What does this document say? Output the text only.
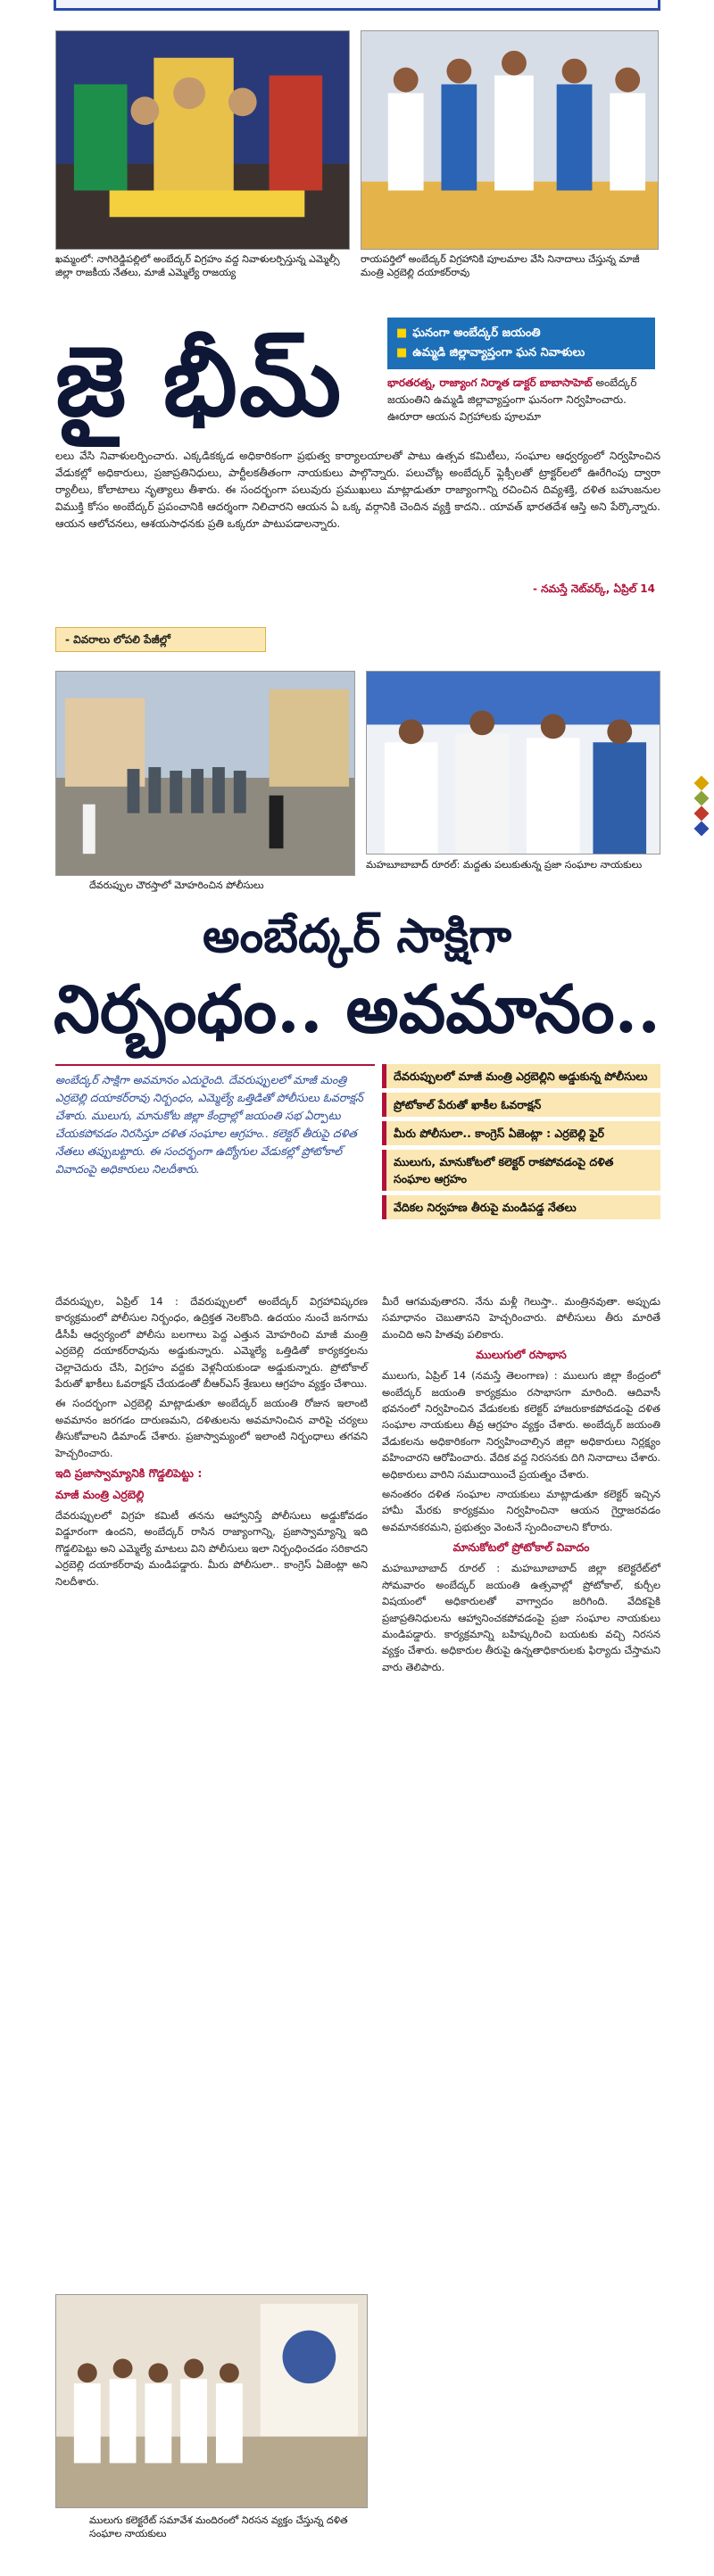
ఖమ్మంలో: నాగిరెడ్డిపల్లిలో అంబేద్కర్ విగ్రహం వద్ద నివాళులర్పిస్తున్న ఎమ్మెల్సీ జిల్లా రాజకీయ నేతలు, మాజీ ఎమ్మెల్యే రాజయ్య
రాయపర్తిలో అంబేద్కర్ విగ్రహానికి పూలమాల వేసి నినాదాలు చేస్తున్న మాజీ మంత్రి ఎర్రబెల్లి దయాకర్‌రావు
జై భీమ్	■ ఘనంగా అంబేద్కర్ జయంతి
■ ఉమ్మడి జిల్లావ్యాప్తంగా ఘన నివాళులు
భారతరత్న, రాజ్యాంగ నిర్మాత డాక్టర్ బాబాసాహెబ్ అంబేద్కర్ జయంతిని ఉమ్మడి జిల్లావ్యాప్తంగా ఘనంగా నిర్వహించారు. ఊరూరా ఆయన విగ్రహాలకు పూలమా
లలు వేసి నివాళులర్పించారు. ఎక్కడికక్కడ అధికారికంగా ప్రభుత్వ కార్యాలయాలతో పాటు ఉత్సవ కమిటీలు, సంఘాల ఆధ్వర్యంలో నిర్వహించిన వేడుకల్లో అధికారులు, ప్రజాప్రతినిధులు, పార్టీలకతీతంగా నాయకులు పాల్గొన్నారు. పలుచోట్ల అంబేద్కర్ ఫ్లెక్సీలతో ట్రాక్టర్‌లలో ఊరేగింపు ద్వారా ర్యాలీలు, కోలాటాలు నృత్యాలు తీశారు. ఈ సందర్భంగా పలువురు ప్రముఖులు మాట్లాడుతూ రాజ్యాంగాన్ని రచించిన దివ్యశక్తి, దళిత బహుజనుల విముక్తి కోసం అంబేద్కర్ ప్రపంచానికి ఆదర్శంగా నిలిచారని ఆయన ఏ ఒక్క వర్గానికి చెందిన వ్యక్తి కాదని.. యావత్ భారతదేశ ఆస్తి అని పేర్కొన్నారు. ఆయన ఆలోచనలు, ఆశయసాధనకు ప్రతి ఒక్కరూ పాటుపడాలన్నారు.
- నమస్తే నెట్‌వర్క్, ఏప్రిల్ 14
- వివరాలు లోపలి పేజీల్లో
దేవరుప్పుల చౌరస్తాలో మోహరించిన పోలీసులు
మహబూబాబాద్ రూరల్: మద్దతు పలుకుతున్న ప్రజా సంఘాల నాయకులు
అంబేద్కర్ సాక్షిగా
నిర్బంధం.. అవమానం..

అంబేద్కర్ సాక్షిగా అవమానం ఎదురైంది. దేవరుప్పులలో మాజీ మంత్రి ఎర్రబెల్లి దయాకర్‌రావు నిర్బంధం, ఎమ్మెల్యే ఒత్తిడితో పోలీసులు ఓవరాక్షన్ చేశారు. ములుగు, మానుకోట జిల్లా కేంద్రాల్లో జయంతి సభ ఏర్పాటు చేయకపోవడం నిరసిస్తూ దళిత సంఘాల ఆగ్రహం.. కలెక్టర్ తీరుపై దళిత నేతలు తప్పుబట్టారు. ఈ సందర్భంగా ఉద్యోగుల వేడుకల్లో ప్రోటోకాల్ వివాదంపై అధికారులు నిలదీశారు.

దేవరుప్పులలో మాజీ మంత్రి ఎర్రబెల్లిని అడ్డుకున్న పోలీసులు
ప్రోటోకాల్ పేరుతో ఖాకీల ఓవరాక్షన్
మీరు పోలీసులా.. కాంగ్రెస్ ఏజెంట్లా : ఎర్రబెల్లి ఫైర్
ములుగు, మానుకోటలో కలెక్టర్ రాకపోవడంపై దళిత సంఘాల ఆగ్రహం
వేదికల నిర్వహణ తీరుపై మండిపడ్డ నేతలు

దేవరుప్పుల, ఏప్రిల్ 14 : దేవరుప్పులలో అంబేద్కర్ విగ్రహావిష్కరణ కార్యక్రమంలో పోలీసుల నిర్బంధం, ఉద్రిక్తత నెలకొంది. ఉదయం నుంచే జనగామ డీసీపీ ఆధ్వర్యంలో పోలీసు బలగాలు పెద్ద ఎత్తున మోహరించి మాజీ మంత్రి ఎర్రబెల్లి దయాకర్‌రావును అడ్డుకున్నారు. ఎమ్మెల్యే ఒత్తిడితో కార్యకర్తలను చెల్లాచెదురు చేసి, విగ్రహం వద్దకు వెళ్లనీయకుండా అడ్డుకున్నారు. ప్రోటోకాల్ పేరుతో ఖాకీలు ఓవరాక్షన్ చేయడంతో బీఆర్‌ఎస్ శ్రేణులు ఆగ్రహం వ్యక్తం చేశాయి.

ఈ సందర్భంగా ఎర్రబెల్లి మాట్లాడుతూ అంబేద్కర్ జయంతి రోజున ఇలాంటి అవమానం జరగడం దారుణమని, దళితులను అవమానించిన వారిపై చర్యలు తీసుకోవాలని డిమాండ్ చేశారు. ప్రజాస్వామ్యంలో ఇలాంటి నిర్బంధాలు తగవని హెచ్చరించారు.

ఇది ప్రజాస్వామ్యానికి గొడ్డలిపెట్టు :
మాజీ మంత్రి ఎర్రబెల్లి

దేవరుప్పులలో విగ్రహ కమిటీ తనను ఆహ్వానిస్తే పోలీసులు అడ్డుకోవడం విడ్డూరంగా ఉందని, అంబేద్కర్ రాసిన రాజ్యాంగాన్ని, ప్రజాస్వామ్యాన్ని ఇది గొడ్డలిపెట్టు అని ఎమ్మెల్యే మాటలు విని పోలీసులు ఇలా నిర్బంధించడం సరికాదని ఎర్రబెల్లి దయాకర్‌రావు మండిపడ్డారు. మీరు పోలీసులా.. కాంగ్రెస్ ఏజెంట్లా అని నిలదీశారు.

ములుగు కలెక్టరేట్ సమావేశ మందిరంలో నిరసన వ్యక్తం చేస్తున్న దళిత సంఘాల నాయకులు

మీరే ఆగమవుతారని. నేను మళ్లీ గెలుస్తా.. మంత్రినవుతా. అప్పుడు సమాధానం చెబుతానని హెచ్చరించారు. పోలీసులు తీరు మారితే మంచిది అని హితవు పలికారు.

ములుగులో రసాభాస

ములుగు, ఏప్రిల్ 14 (నమస్తే తెలంగాణ) : ములుగు జిల్లా కేంద్రంలో అంబేద్కర్ జయంతి కార్యక్రమం రసాభాసగా మారింది. ఆదివాసీ భవనంలో నిర్వహించిన వేడుకలకు కలెక్టర్ హాజరుకాకపోవడంపై దళిత సంఘాల నాయకులు తీవ్ర ఆగ్రహం వ్యక్తం చేశారు. అంబేద్కర్ జయంతి వేడుకలను అధికారికంగా నిర్వహించాల్సిన జిల్లా అధికారులు నిర్లక్ష్యం వహించారని ఆరోపించారు. వేదిక వద్ద నిరసనకు దిగి నినాదాలు చేశారు. అధికారులు వారిని సముదాయించే ప్రయత్నం చేశారు.

అనంతరం దళిత సంఘాల నాయకులు మాట్లాడుతూ కలెక్టర్ ఇచ్చిన హామీ మేరకు కార్యక్రమం నిర్వహించినా ఆయన గైర్హాజరవడం అవమానకరమని, ప్రభుత్వం వెంటనే స్పందించాలని కోరారు.

మానుకోటలో ప్రోటోకాల్ వివాదం

మహబూబాబాద్ రూరల్ : మహబూబాబాద్ జిల్లా కలెక్టరేట్‌లో సోమవారం అంబేద్కర్ జయంతి ఉత్సవాల్లో ప్రోటోకాల్, కుర్చీల విషయంలో అధికారులతో వాగ్వాదం జరిగింది. వేదికపైకి ప్రజాప్రతినిధులను ఆహ్వానించకపోవడంపై ప్రజా సంఘాల నాయకులు మండిపడ్డారు. కార్యక్రమాన్ని బహిష్కరించి బయటకు వచ్చి నిరసన వ్యక్తం చేశారు. అధికారుల తీరుపై ఉన్నతాధికారులకు ఫిర్యాదు చేస్తామని వారు తెలిపారు.
